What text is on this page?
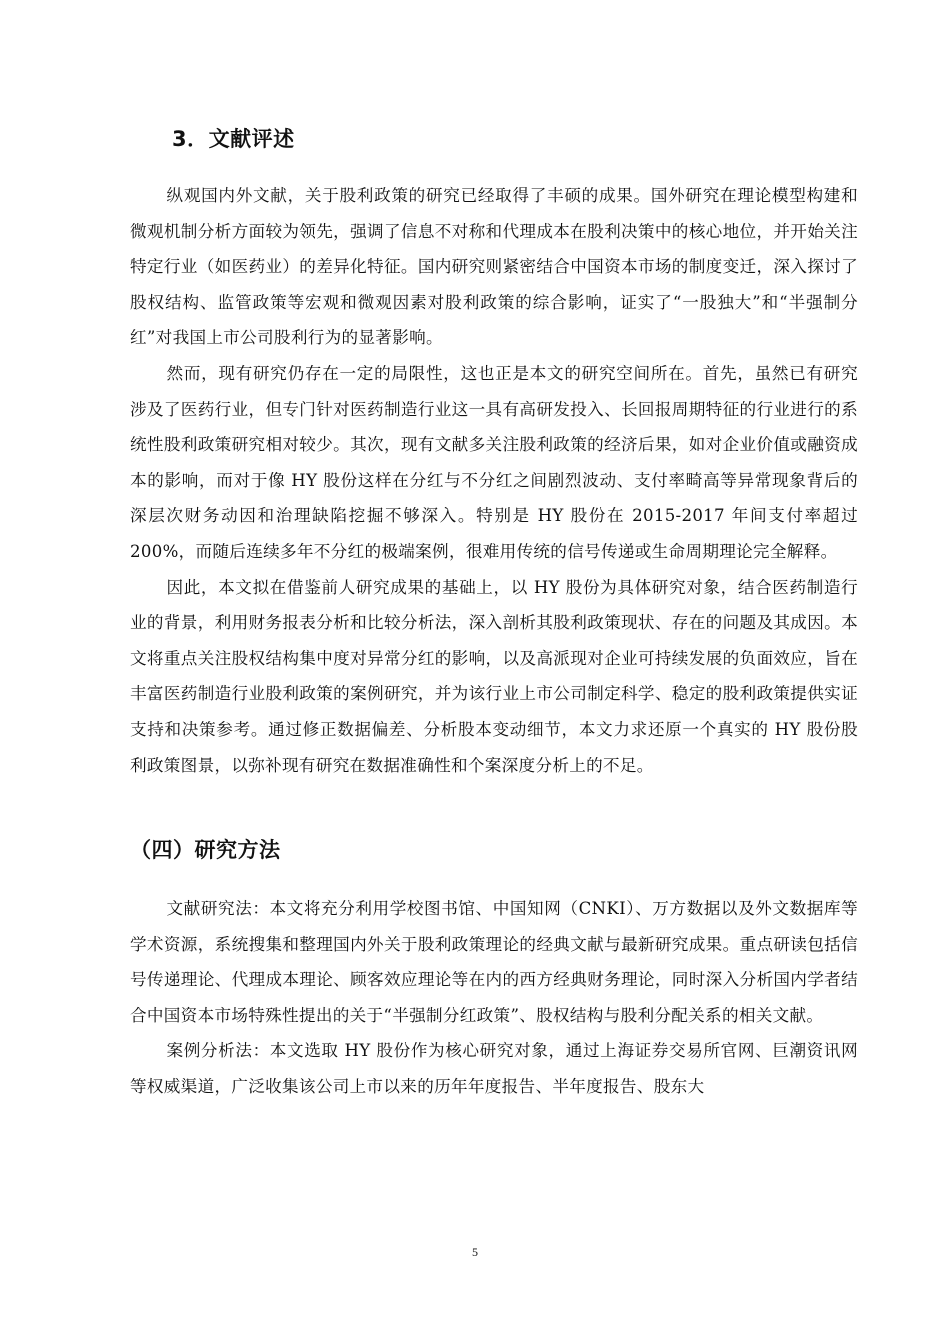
3．文献评述

纵观国内外文献，关于股利政策的研究已经取得了丰硕的成果。国外研究在理论模型构建和微观机制分析方面较为领先，强调了信息不对称和代理成本在股利决策中的核心地位，并开始关注特定行业（如医药业）的差异化特征。国内研究则紧密结合中国资本市场的制度变迁，深入探讨了股权结构、监管政策等宏观和微观因素对股利政策的综合影响，证实了“一股独大”和“半强制分红”对我国上市公司股利行为的显著影响。

然而，现有研究仍存在一定的局限性，这也正是本文的研究空间所在。首先，虽然已有研究涉及了医药行业，但专门针对医药制造行业这一具有高研发投入、长回报周期特征的行业进行的系统性股利政策研究相对较少。其次，现有文献多关注股利政策的经济后果，如对企业价值或融资成本的影响，而对于像 HY 股份这样在分红与不分红之间剧烈波动、支付率畸高等异常现象背后的深层次财务动因和治理缺陷挖掘不够深入。特别是 HY 股份在 2015-2017 年间支付率超过 200%，而随后连续多年不分红的极端案例，很难用传统的信号传递或生命周期理论完全解释。

因此，本文拟在借鉴前人研究成果的基础上，以 HY 股份为具体研究对象，结合医药制造行业的背景，利用财务报表分析和比较分析法，深入剖析其股利政策现状、存在的问题及其成因。本文将重点关注股权结构集中度对异常分红的影响，以及高派现对企业可持续发展的负面效应，旨在丰富医药制造行业股利政策的案例研究，并为该行业上市公司制定科学、稳定的股利政策提供实证支持和决策参考。通过修正数据偏差、分析股本变动细节，本文力求还原一个真实的 HY 股份股利政策图景，以弥补现有研究在数据准确性和个案深度分析上的不足。

（四）研究方法

文献研究法：本文将充分利用学校图书馆、中国知网（CNKI）、万方数据以及外文数据库等学术资源，系统搜集和整理国内外关于股利政策理论的经典文献与最新研究成果。重点研读包括信号传递理论、代理成本理论、顾客效应理论等在内的西方经典财务理论，同时深入分析国内学者结合中国资本市场特殊性提出的关于“半强制分红政策”、股权结构与股利分配关系的相关文献。

案例分析法：本文选取 HY 股份作为核心研究对象，通过上海证券交易所官网、巨潮资讯网等权威渠道，广泛收集该公司上市以来的历年年度报告、半年度报告、股东大

5
